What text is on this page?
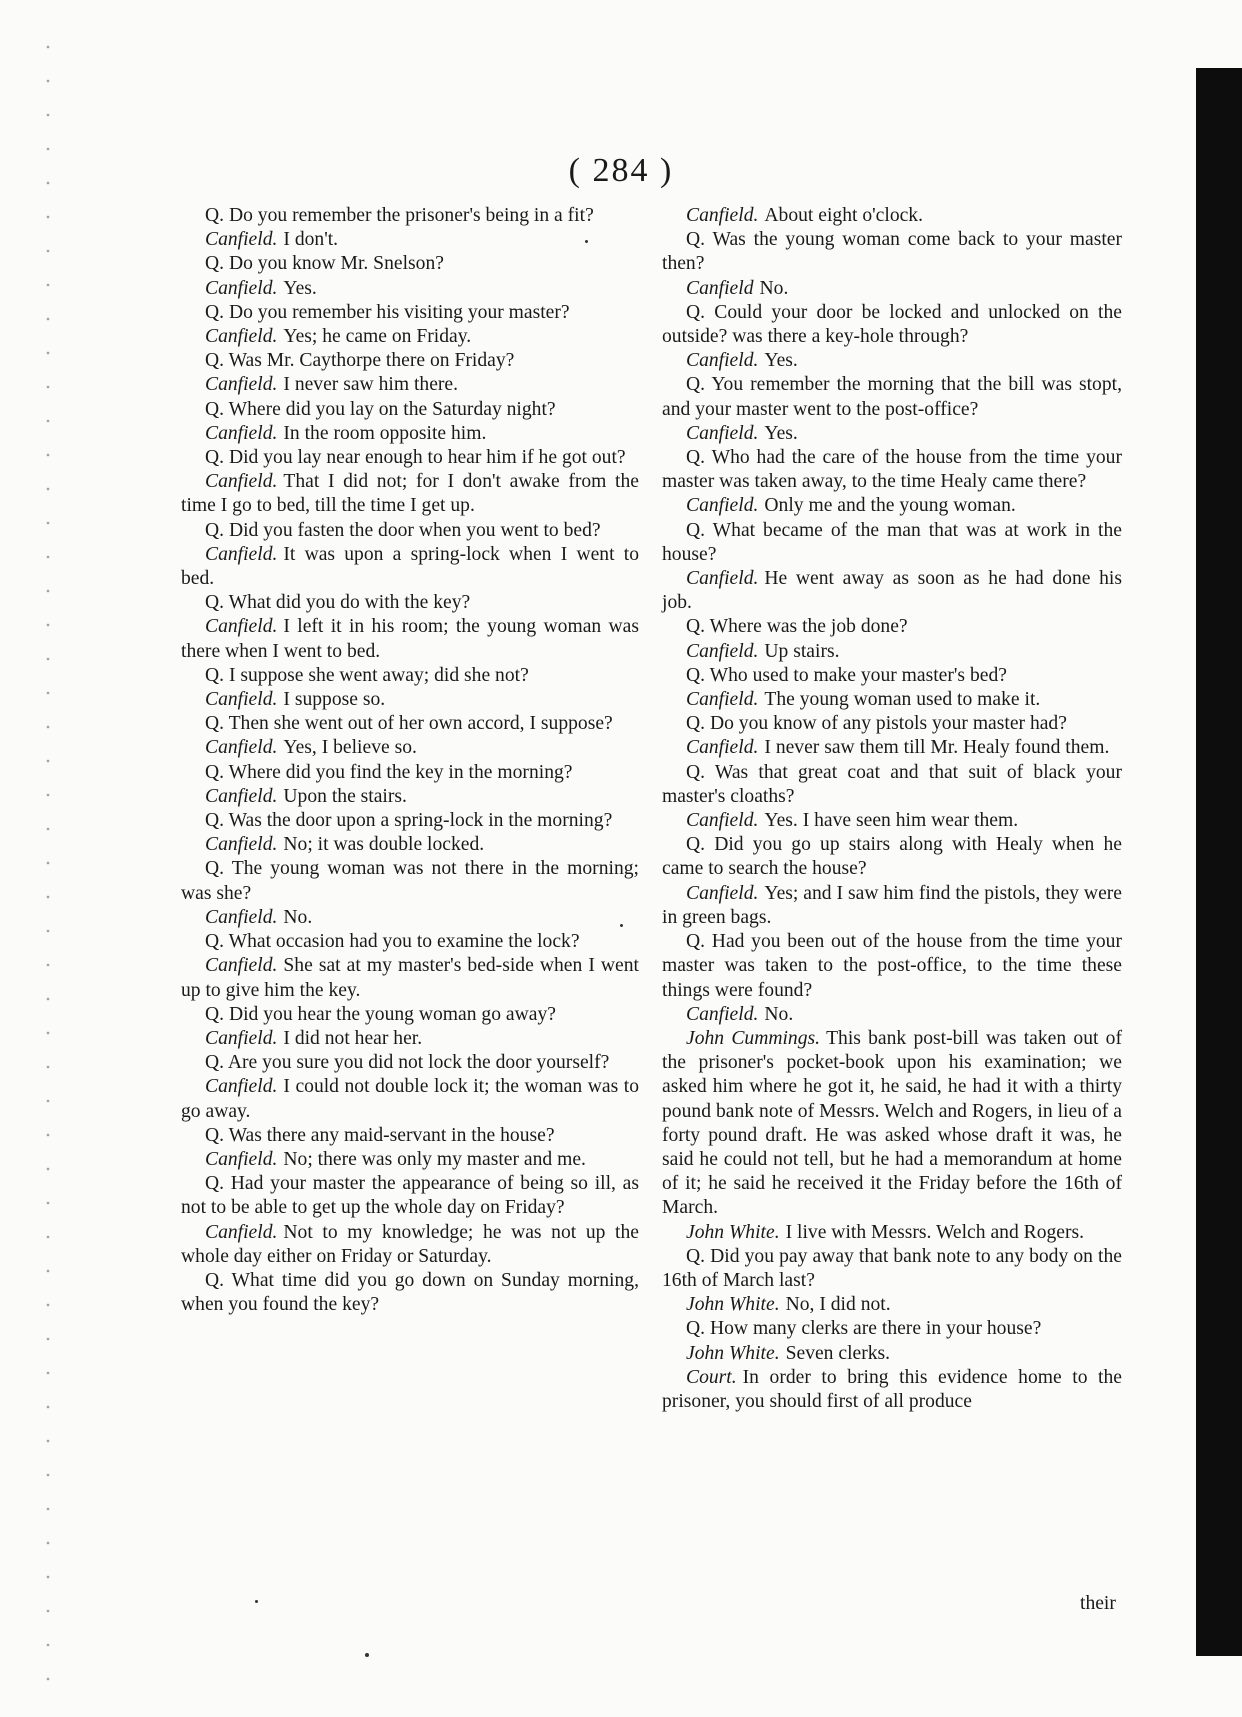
( 284 )

Q. Do you remember the prisoner's being in a fit?

Canfield. I don't.

Q. Do you know Mr. Snelson?

Canfield. Yes.

Q. Do you remember his visiting your master?

Canfield. Yes; he came on Friday.

Q. Was Mr. Caythorpe there on Friday?

Canfield. I never saw him there.

Q. Where did you lay on the Saturday night?

Canfield. In the room opposite him.

Q. Did you lay near enough to hear him if he got out?

Canfield. That I did not; for I don't awake from the time I go to bed, till the time I get up.

Q. Did you fasten the door when you went to bed?

Canfield. It was upon a spring-lock when I went to bed.

Q. What did you do with the key?

Canfield. I left it in his room; the young woman was there when I went to bed.

Q. I suppose she went away; did she not?

Canfield. I suppose so.

Q. Then she went out of her own accord, I suppose?

Canfield. Yes, I believe so.

Q. Where did you find the key in the morning?

Canfield. Upon the stairs.

Q. Was the door upon a spring-lock in the morning?

Canfield. No; it was double locked.

Q. The young woman was not there in the morning; was she?

Canfield. No.

Q. What occasion had you to examine the lock?

Canfield. She sat at my master's bed-side when I went up to give him the key.

Q. Did you hear the young woman go away?

Canfield. I did not hear her.

Q. Are you sure you did not lock the door yourself?

Canfield. I could not double lock it; the woman was to go away.

Q. Was there any maid-servant in the house?

Canfield. No; there was only my master and me.

Q. Had your master the appearance of being so ill, as not to be able to get up the whole day on Friday?

Canfield. Not to my knowledge; he was not up the whole day either on Friday or Saturday.

Q. What time did you go down on Sunday morning, when you found the key?

Canfield. About eight o'clock.

Q. Was the young woman come back to your master then?

Canfield No.

Q. Could your door be locked and unlocked on the outside? was there a key-hole through?

Canfield. Yes.

Q. You remember the morning that the bill was stopt, and your master went to the post-office?

Canfield. Yes.

Q. Who had the care of the house from the time your master was taken away, to the time Healy came there?

Canfield. Only me and the young woman.

Q. What became of the man that was at work in the house?

Canfield. He went away as soon as he had done his job.

Q. Where was the job done?

Canfield. Up stairs.

Q. Who used to make your master's bed?

Canfield. The young woman used to make it.

Q. Do you know of any pistols your master had?

Canfield. I never saw them till Mr. Healy found them.

Q. Was that great coat and that suit of black your master's cloaths?

Canfield. Yes. I have seen him wear them.

Q. Did you go up stairs along with Healy when he came to search the house?

Canfield. Yes; and I saw him find the pistols, they were in green bags.

Q. Had you been out of the house from the time your master was taken to the post-office, to the time these things were found?

Canfield. No.

John Cummings. This bank post-bill was taken out of the prisoner's pocket-book upon his examination; we asked him where he got it, he said, he had it with a thirty pound bank note of Messrs. Welch and Rogers, in lieu of a forty pound draft. He was asked whose draft it was, he said he could not tell, but he had a memorandum at home of it; he said he received it the Friday before the 16th of March.

John White. I live with Messrs. Welch and Rogers.

Q. Did you pay away that bank note to any body on the 16th of March last?

John White. No, I did not.

Q. How many clerks are there in your house?

John White. Seven clerks.

Court. In order to bring this evidence home to the prisoner, you should first of all produce

their
